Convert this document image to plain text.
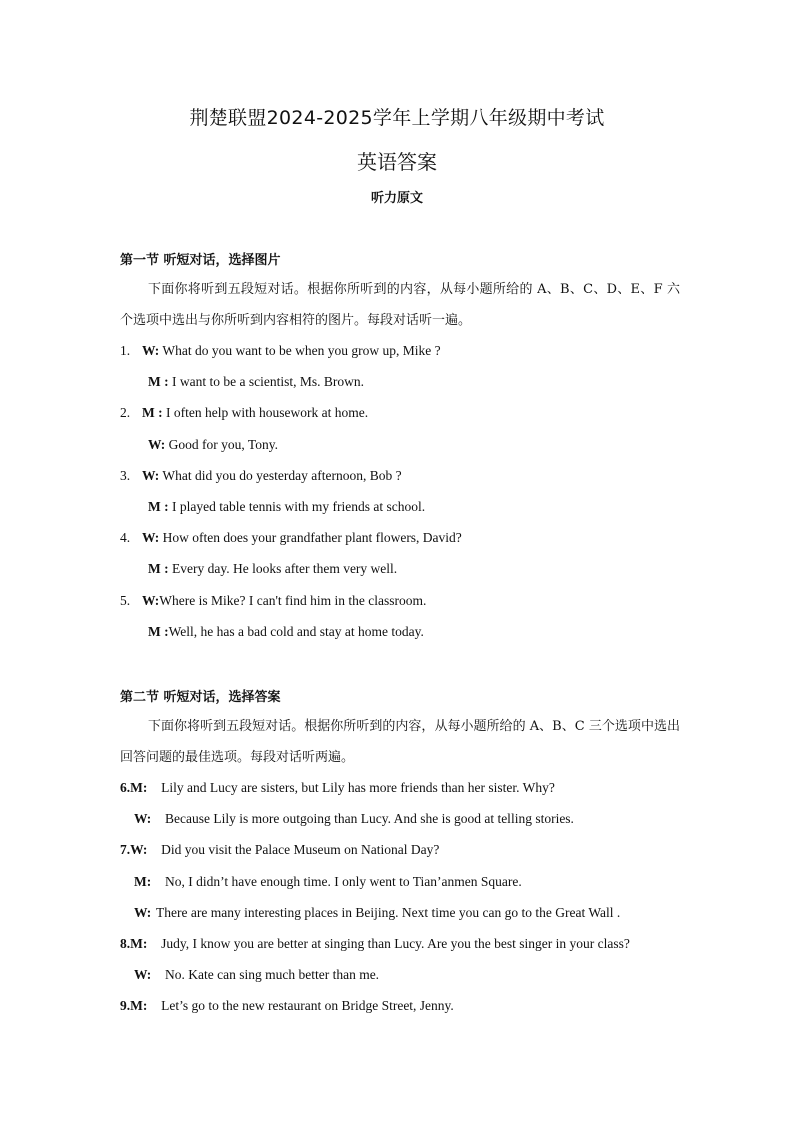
荆楚联盟2024-2025学年上学期八年级期中考试
英语答案
听力原文
第一节 听短对话，选择图片

下面你将听到五段短对话。根据你所听到的内容，从每小题所给的 A、B、C、D、E、F 六个选项中选出与你所听到内容相符的图片。每段对话听一遍。

1. W: What do you want to be when you grow up, Mike ?
M : I want to be a scientist, Ms. Brown.
2. M : I often help with housework at home.
W: Good for you, Tony.
3. W: What did you do yesterday afternoon, Bob ?
M : I played table tennis with my friends at school.
4. W: How often does your grandfather plant flowers, David?
M : Every day. He looks after them very well.
5. W:Where is Mike? I can't find him in the classroom.
M :Well, he has a bad cold and stay at home today.
第二节 听短对话，选择答案

下面你将听到五段短对话。根据你所听到的内容，从每小题所给的 A、B、C 三个选项中选出回答问题的最佳选项。每段对话听两遍。

6.M: Lily and Lucy are sisters, but Lily has more friends than her sister. Why?
W: Because Lily is more outgoing than Lucy. And she is good at telling stories.
7.W: Did you visit the Palace Museum on National Day?
M: No, I didn’t have enough time. I only went to Tian’anmen Square.
W: There are many interesting places in Beijing. Next time you can go to the Great Wall .
8.M: Judy, I know you are better at singing than Lucy. Are you the best singer in your class?
W: No. Kate can sing much better than me.
9.M: Let’s go to the new restaurant on Bridge Street, Jenny.
